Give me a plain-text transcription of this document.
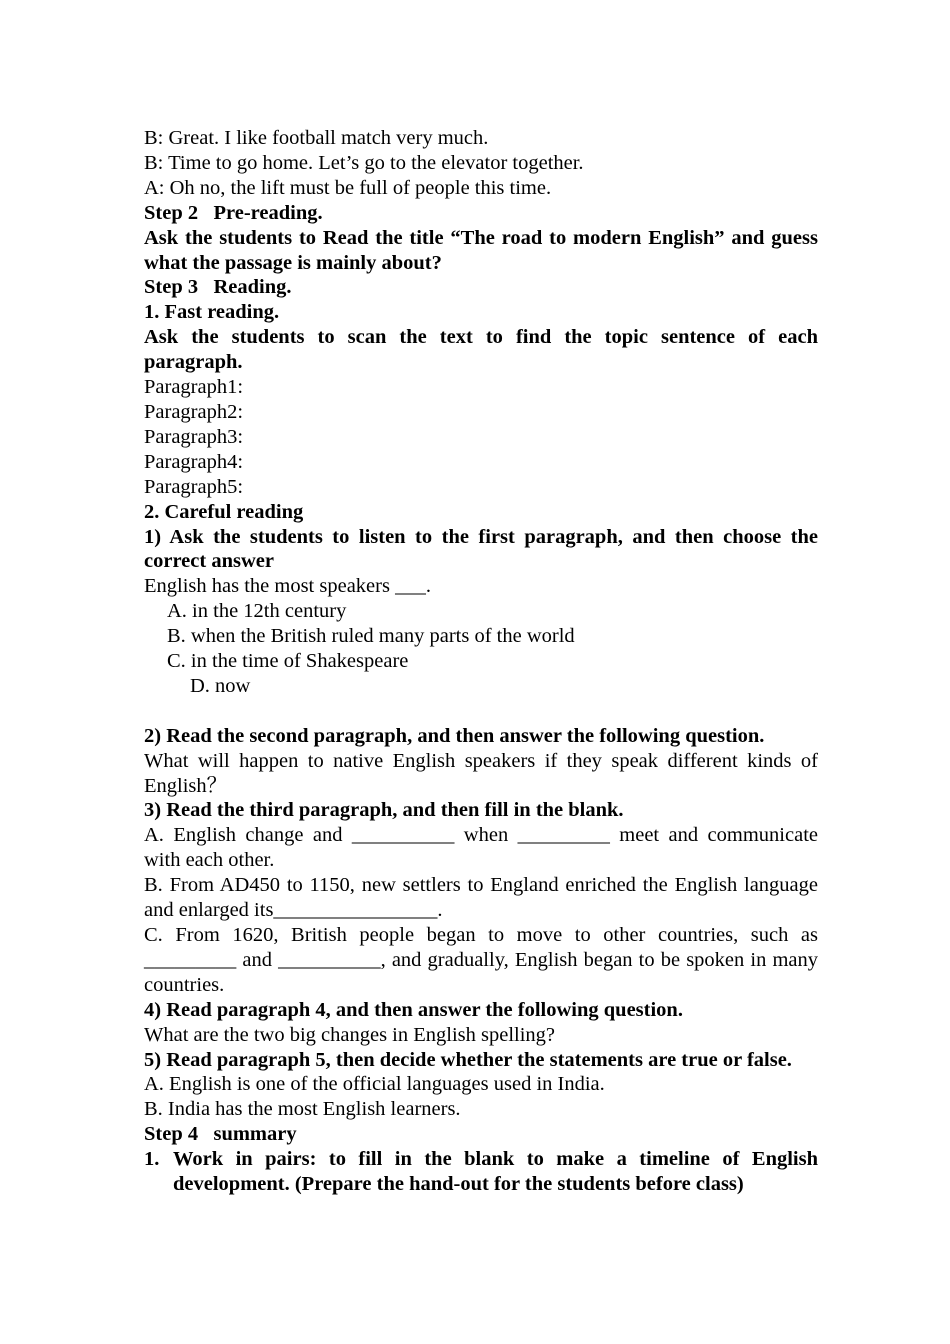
B: Great. I like football match very much.
B: Time to go home. Let’s go to the elevator together.
A: Oh no, the lift must be full of people this time.
Step 2   Pre-reading.
Ask the students to Read the title “The road to modern English” and guess what the passage is mainly about?
Step 3   Reading.
1. Fast reading.
Ask the students to scan the text to find the topic sentence of each paragraph.
Paragraph1:
Paragraph2:
Paragraph3:
Paragraph4:
Paragraph5:
2. Careful reading
1) Ask the students to listen to the first paragraph, and then choose the correct answer
English has the most speakers ___.
A. in the 12th century
B. when the British ruled many parts of the world
C. in the time of Shakespeare
D. now
2) Read the second paragraph, and then answer the following question.
What will happen to native English speakers if they speak different kinds of English？
3) Read the third paragraph, and then fill in the blank.
A. English change and __________ when _________ meet and communicate with each other.
B. From AD450 to 1150, new settlers to England enriched the English language and enlarged its________________.
C. From 1620, British people began to move to other countries, such as _________ and __________, and gradually, English began to be spoken in many countries.
4) Read paragraph 4, and then answer the following question.
What are the two big changes in English spelling?
5) Read paragraph 5, then decide whether the statements are true or false.
A. English is one of the official languages used in India.
B. India has the most English learners.
Step 4   summary
1. Work in pairs: to fill in the blank to make a timeline of English development. (Prepare the hand-out for the students before class)
